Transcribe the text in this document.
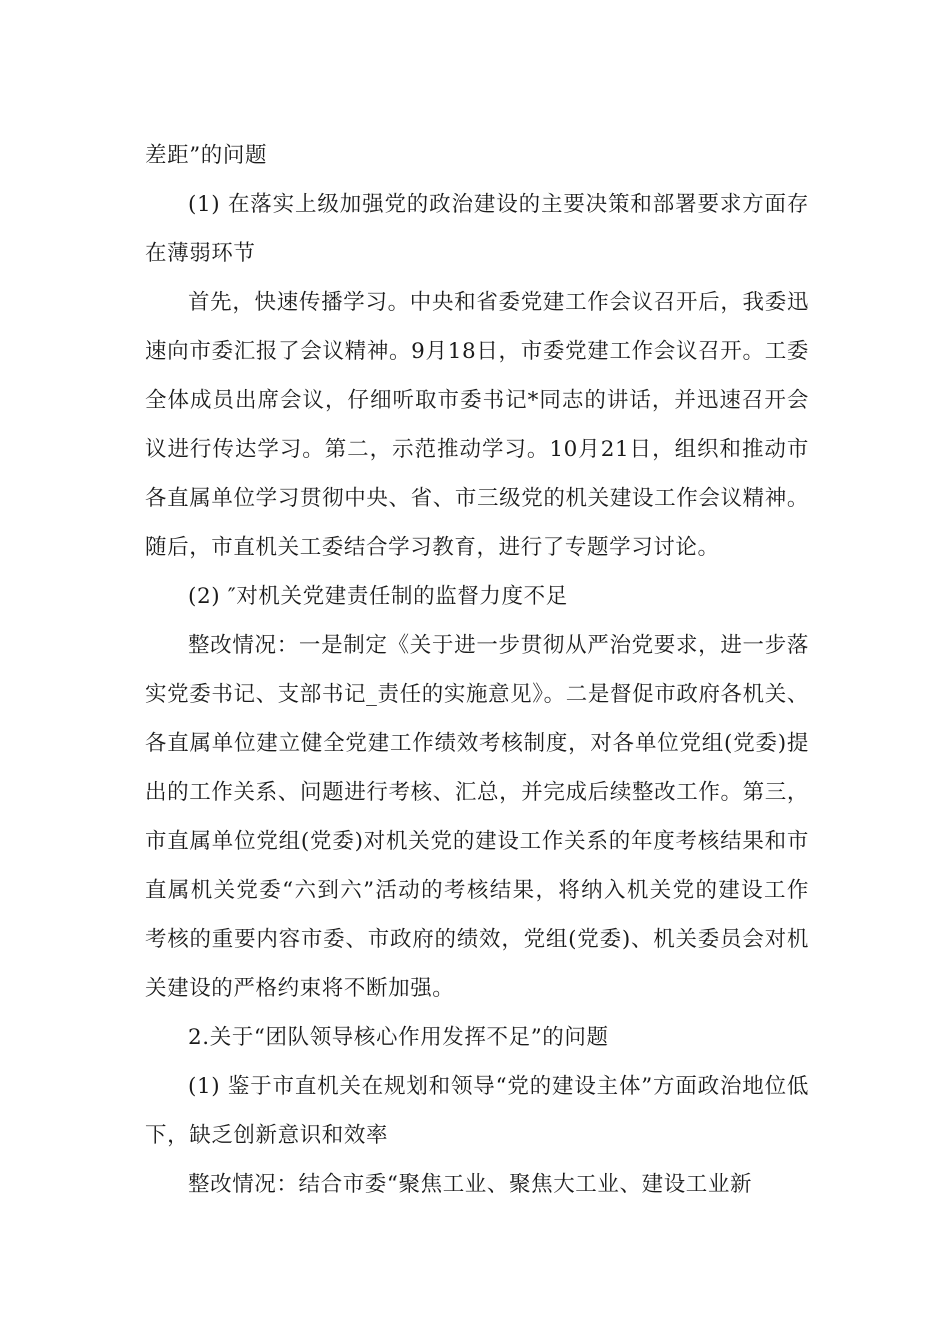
差距”的问题

(1) 在落实上级加强党的政治建设的主要决策和部署要求方面存在薄弱环节

首先，快速传播学习。中央和省委党建工作会议召开后，我委迅速向市委汇报了会议精神。9月18日，市委党建工作会议召开。工委全体成员出席会议，仔细听取市委书记*同志的讲话，并迅速召开会议进行传达学习。第二，示范推动学习。10月21日，组织和推动市各直属单位学习贯彻中央、省、市三级党的机关建设工作会议精神。随后，市直机关工委结合学习教育，进行了专题学习讨论。

(2) ″对机关党建责任制的监督力度不足

整改情况：一是制定《关于进一步贯彻从严治党要求，进一步落实党委书记、支部书记_责任的实施意见》。二是督促市政府各机关、各直属单位建立健全党建工作绩效考核制度，对各单位党组(党委)提出的工作关系、问题进行考核、汇总，并完成后续整改工作。第三，市直属单位党组(党委)对机关党的建设工作关系的年度考核结果和市直属机关党委“六到六”活动的考核结果，将纳入机关党的建设工作考核的重要内容市委、市政府的绩效，党组(党委)、机关委员会对机关建设的严格约束将不断加强。

2.关于“团队领导核心作用发挥不足”的问题

(1) 鉴于市直机关在规划和领导“党的建设主体”方面政治地位低下，缺乏创新意识和效率

整改情况：结合市委“聚焦工业、聚焦大工业、建设工业新
